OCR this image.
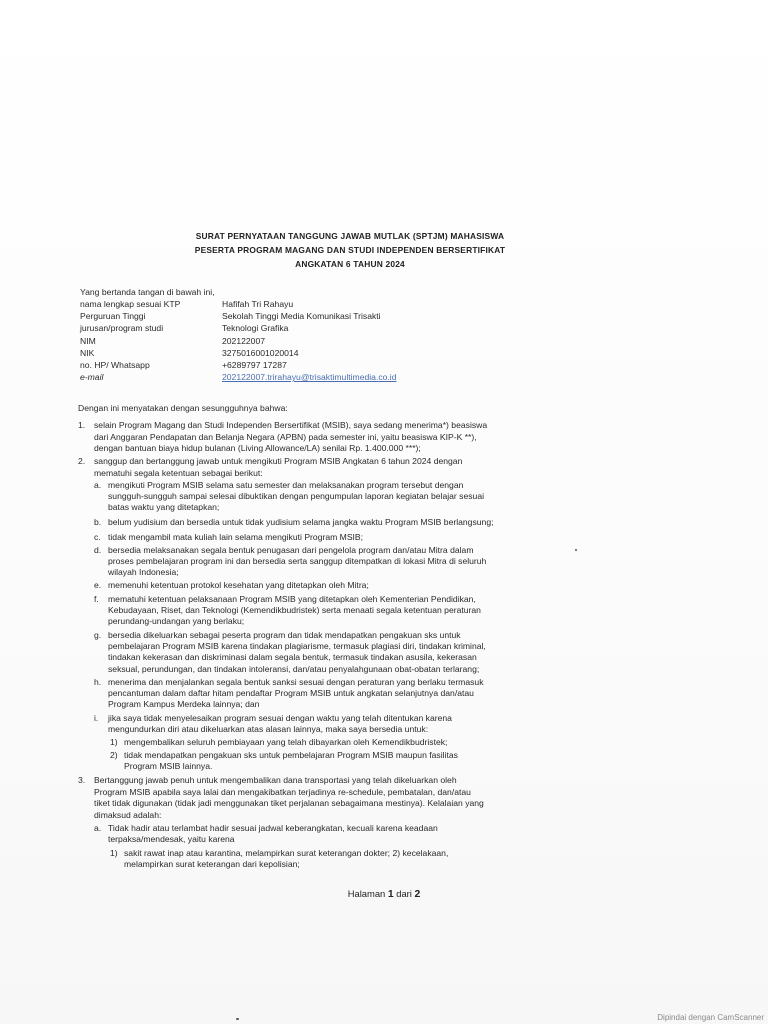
SURAT PERNYATAAN TANGGUNG JAWAB MUTLAK (SPTJM) MAHASISWA
PESERTA PROGRAM MAGANG DAN STUDI INDEPENDEN BERSERTIFIKAT
ANGKATAN 6 TAHUN 2024
Yang bertanda tangan di bawah ini,
nama lengkap sesuai KTP	Hafifah Tri Rahayu
Perguruan Tinggi	Sekolah Tinggi Media Komunikasi Trisakti
jurusan/program studi	Teknologi Grafika
NIM	202122007
NIK	3275016001020014
no. HP/ Whatsapp	+6289797 17287
e-mail	202122007.trirahayu@trisaktimultimedia.co.id
Dengan ini menyatakan dengan sesungguhnya bahwa:
1. selain Program Magang dan Studi Independen Bersertifikat (MSIB), saya sedang menerima*) beasiswa
dari Anggaran Pendapatan dan Belanja Negara (APBN) pada semester ini, yaitu beasiswa KIP-K **),
dengan bantuan biaya hidup bulanan (Living Allowance/LA) senilai Rp. 1.400.000 ***);
2. sanggup dan bertanggung jawab untuk mengikuti Program MSIB Angkatan 6 tahun 2024 dengan
mematuhi segala ketentuan sebagai berikut:
a. mengikuti Program MSIB selama satu semester dan melaksanakan program tersebut dengan
sungguh-sungguh sampai selesai dibuktikan dengan pengumpulan laporan kegiatan belajar sesuai
batas waktu yang ditetapkan;
b. belum yudisium dan bersedia untuk tidak yudisium selama jangka waktu Program MSIB berlangsung;
c. tidak mengambil mata kuliah lain selama mengikuti Program MSIB;
d. bersedia melaksanakan segala bentuk penugasan dari pengelola program dan/atau Mitra dalam
proses pembelajaran program ini dan bersedia serta sanggup ditempatkan di lokasi Mitra di seluruh
wilayah Indonesia;
e. memenuhi ketentuan protokol kesehatan yang ditetapkan oleh Mitra;
f. mematuhi ketentuan pelaksanaan Program MSIB yang ditetapkan oleh Kementerian Pendidikan,
Kebudayaan, Riset, dan Teknologi (Kemendikbudristek) serta menaati segala ketentuan peraturan
perundang-undangan yang berlaku;
g. bersedia dikeluarkan sebagai peserta program dan tidak mendapatkan pengakuan sks untuk
pembelajaran Program MSIB karena tindakan plagiarisme, termasuk plagiasi diri, tindakan kriminal,
tindakan kekerasan dan diskriminasi dalam segala bentuk, termasuk tindakan asusila, kekerasan
seksual, perundungan, dan tindakan intoleransi, dan/atau penyalahgunaan obat-obatan terlarang;
h. menerima dan menjalankan segala bentuk sanksi sesuai dengan peraturan yang berlaku termasuk
pencantuman dalam daftar hitam pendaftar Program MSIB untuk angkatan selanjutnya dan/atau
Program Kampus Merdeka lainnya; dan
i. jika saya tidak menyelesaikan program sesuai dengan waktu yang telah ditentukan karena
mengundurkan diri atau dikeluarkan atas alasan lainnya, maka saya bersedia untuk:
1) mengembalikan seluruh pembiayaan yang telah dibayarkan oleh Kemendikbudristek;
2) tidak mendapatkan pengakuan sks untuk pembelajaran Program MSIB maupun fasilitas
Program MSIB lainnya.
3. Bertanggung jawab penuh untuk mengembalikan dana transportasi yang telah dikeluarkan oleh
Program MSIB apabila saya lalai dan mengakibatkan terjadinya re-schedule, pembatalan, dan/atau
tiket tidak digunakan (tidak jadi menggunakan tiket perjalanan sebagaimana mestinya). Kelalaian yang
dimaksud adalah:
a. Tidak hadir atau terlambat hadir sesuai jadwal keberangkatan, kecuali karena keadaan
terpaksa/mendesak, yaitu karena
1) sakit rawat inap atau karantina, melampirkan surat keterangan dokter; 2) kecelakaan,
melampirkan surat keterangan dari kepolisian;
Halaman 1 dari 2
Dipindai dengan CamScanner
